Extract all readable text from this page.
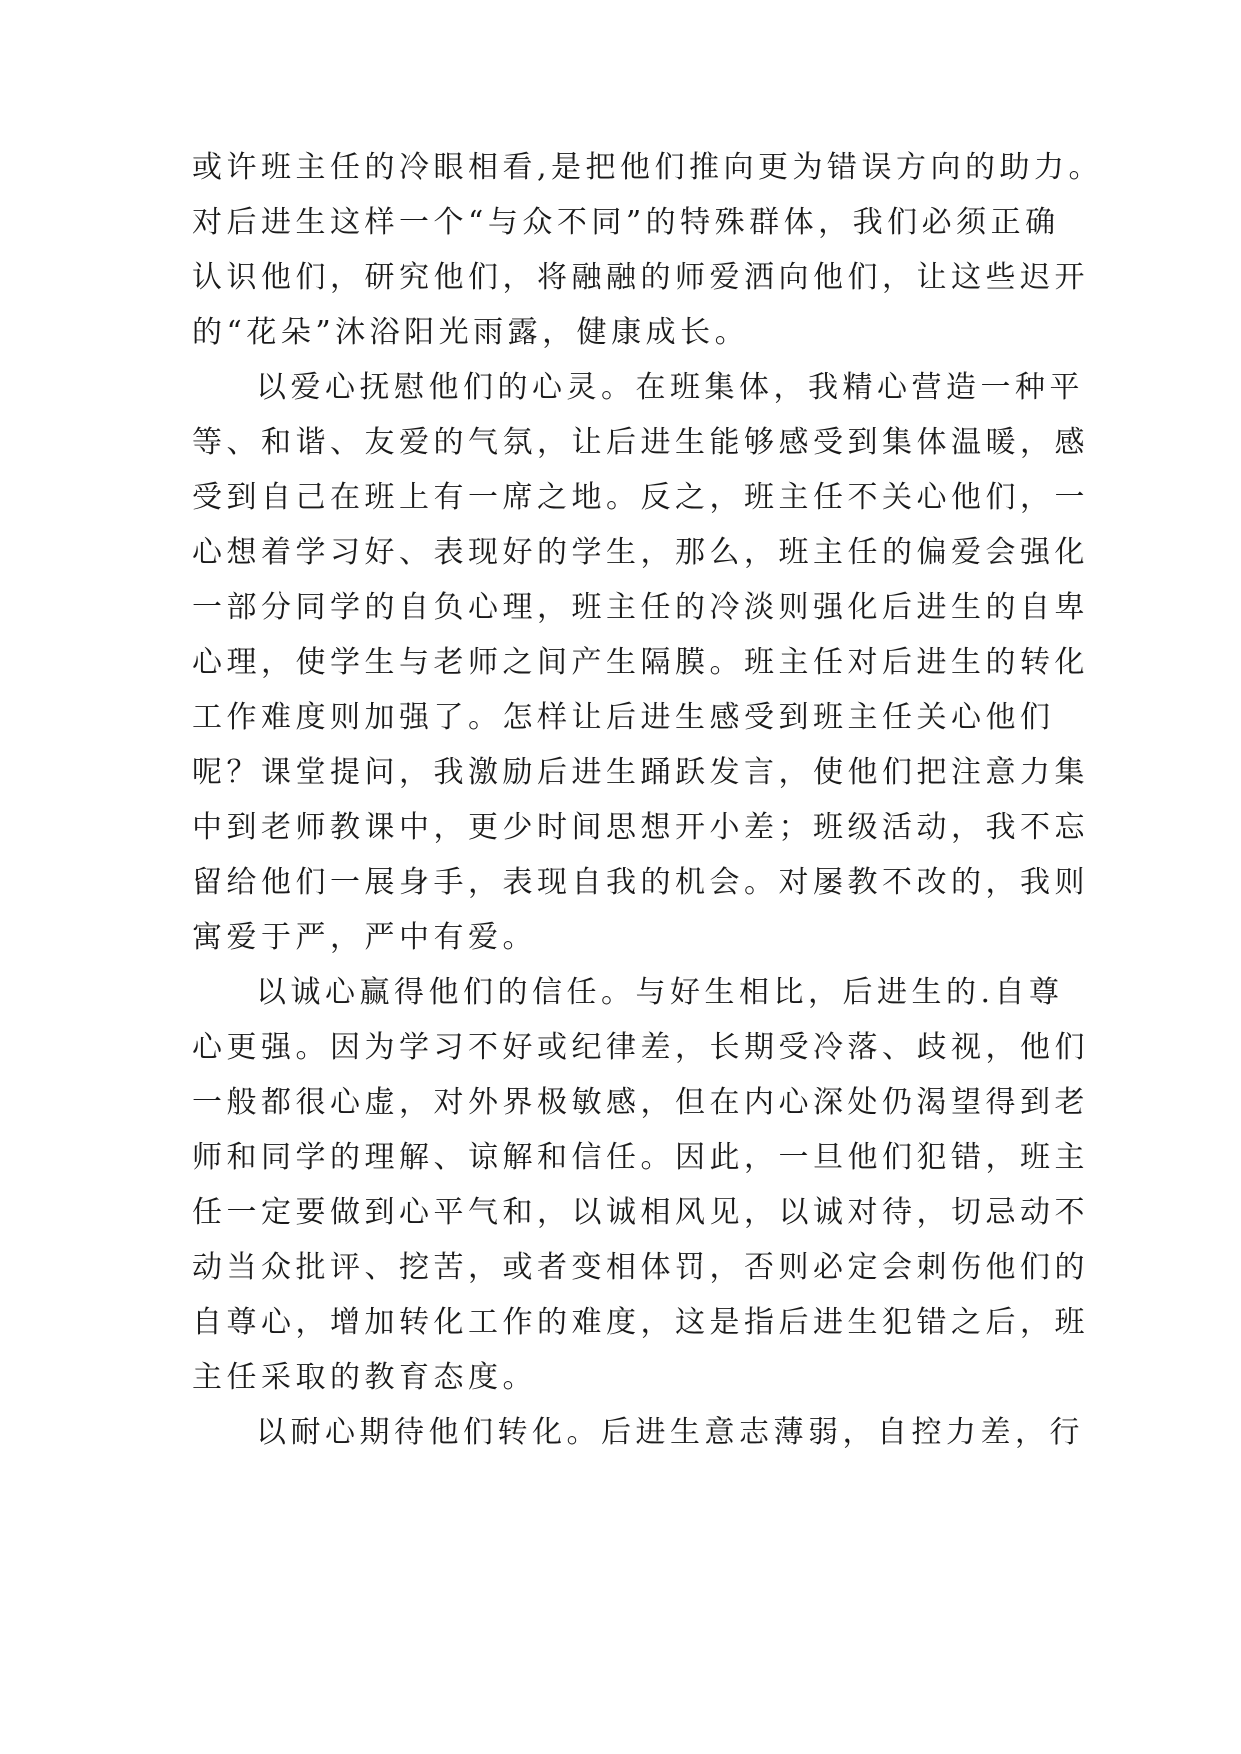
或许班主任的冷眼相看,是把他们推向更为错误方向的助力。
对后进生这样一个“与众不同”的特殊群体，我们必须正确
认识他们，研究他们，将融融的师爱洒向他们，让这些迟开
的“花朵”沐浴阳光雨露，健康成长。
以爱心抚慰他们的心灵。在班集体，我精心营造一种平
等、和谐、友爱的气氛，让后进生能够感受到集体温暖，感
受到自己在班上有一席之地。反之，班主任不关心他们，一
心想着学习好、表现好的学生，那么，班主任的偏爱会强化
一部分同学的自负心理，班主任的冷淡则强化后进生的自卑
心理，使学生与老师之间产生隔膜。班主任对后进生的转化
工作难度则加强了。怎样让后进生感受到班主任关心他们
呢？课堂提问，我激励后进生踊跃发言，使他们把注意力集
中到老师教课中，更少时间思想开小差；班级活动，我不忘
留给他们一展身手，表现自我的机会。对屡教不改的，我则
寓爱于严，严中有爱。
以诚心赢得他们的信任。与好生相比，后进生的.自尊
心更强。因为学习不好或纪律差，长期受冷落、歧视，他们
一般都很心虚，对外界极敏感，但在内心深处仍渴望得到老
师和同学的理解、谅解和信任。因此，一旦他们犯错，班主
任一定要做到心平气和，以诚相风见，以诚对待，切忌动不
动当众批评、挖苦，或者变相体罚，否则必定会刺伤他们的
自尊心，增加转化工作的难度，这是指后进生犯错之后，班
主任采取的教育态度。
以耐心期待他们转化。后进生意志薄弱，自控力差，行
